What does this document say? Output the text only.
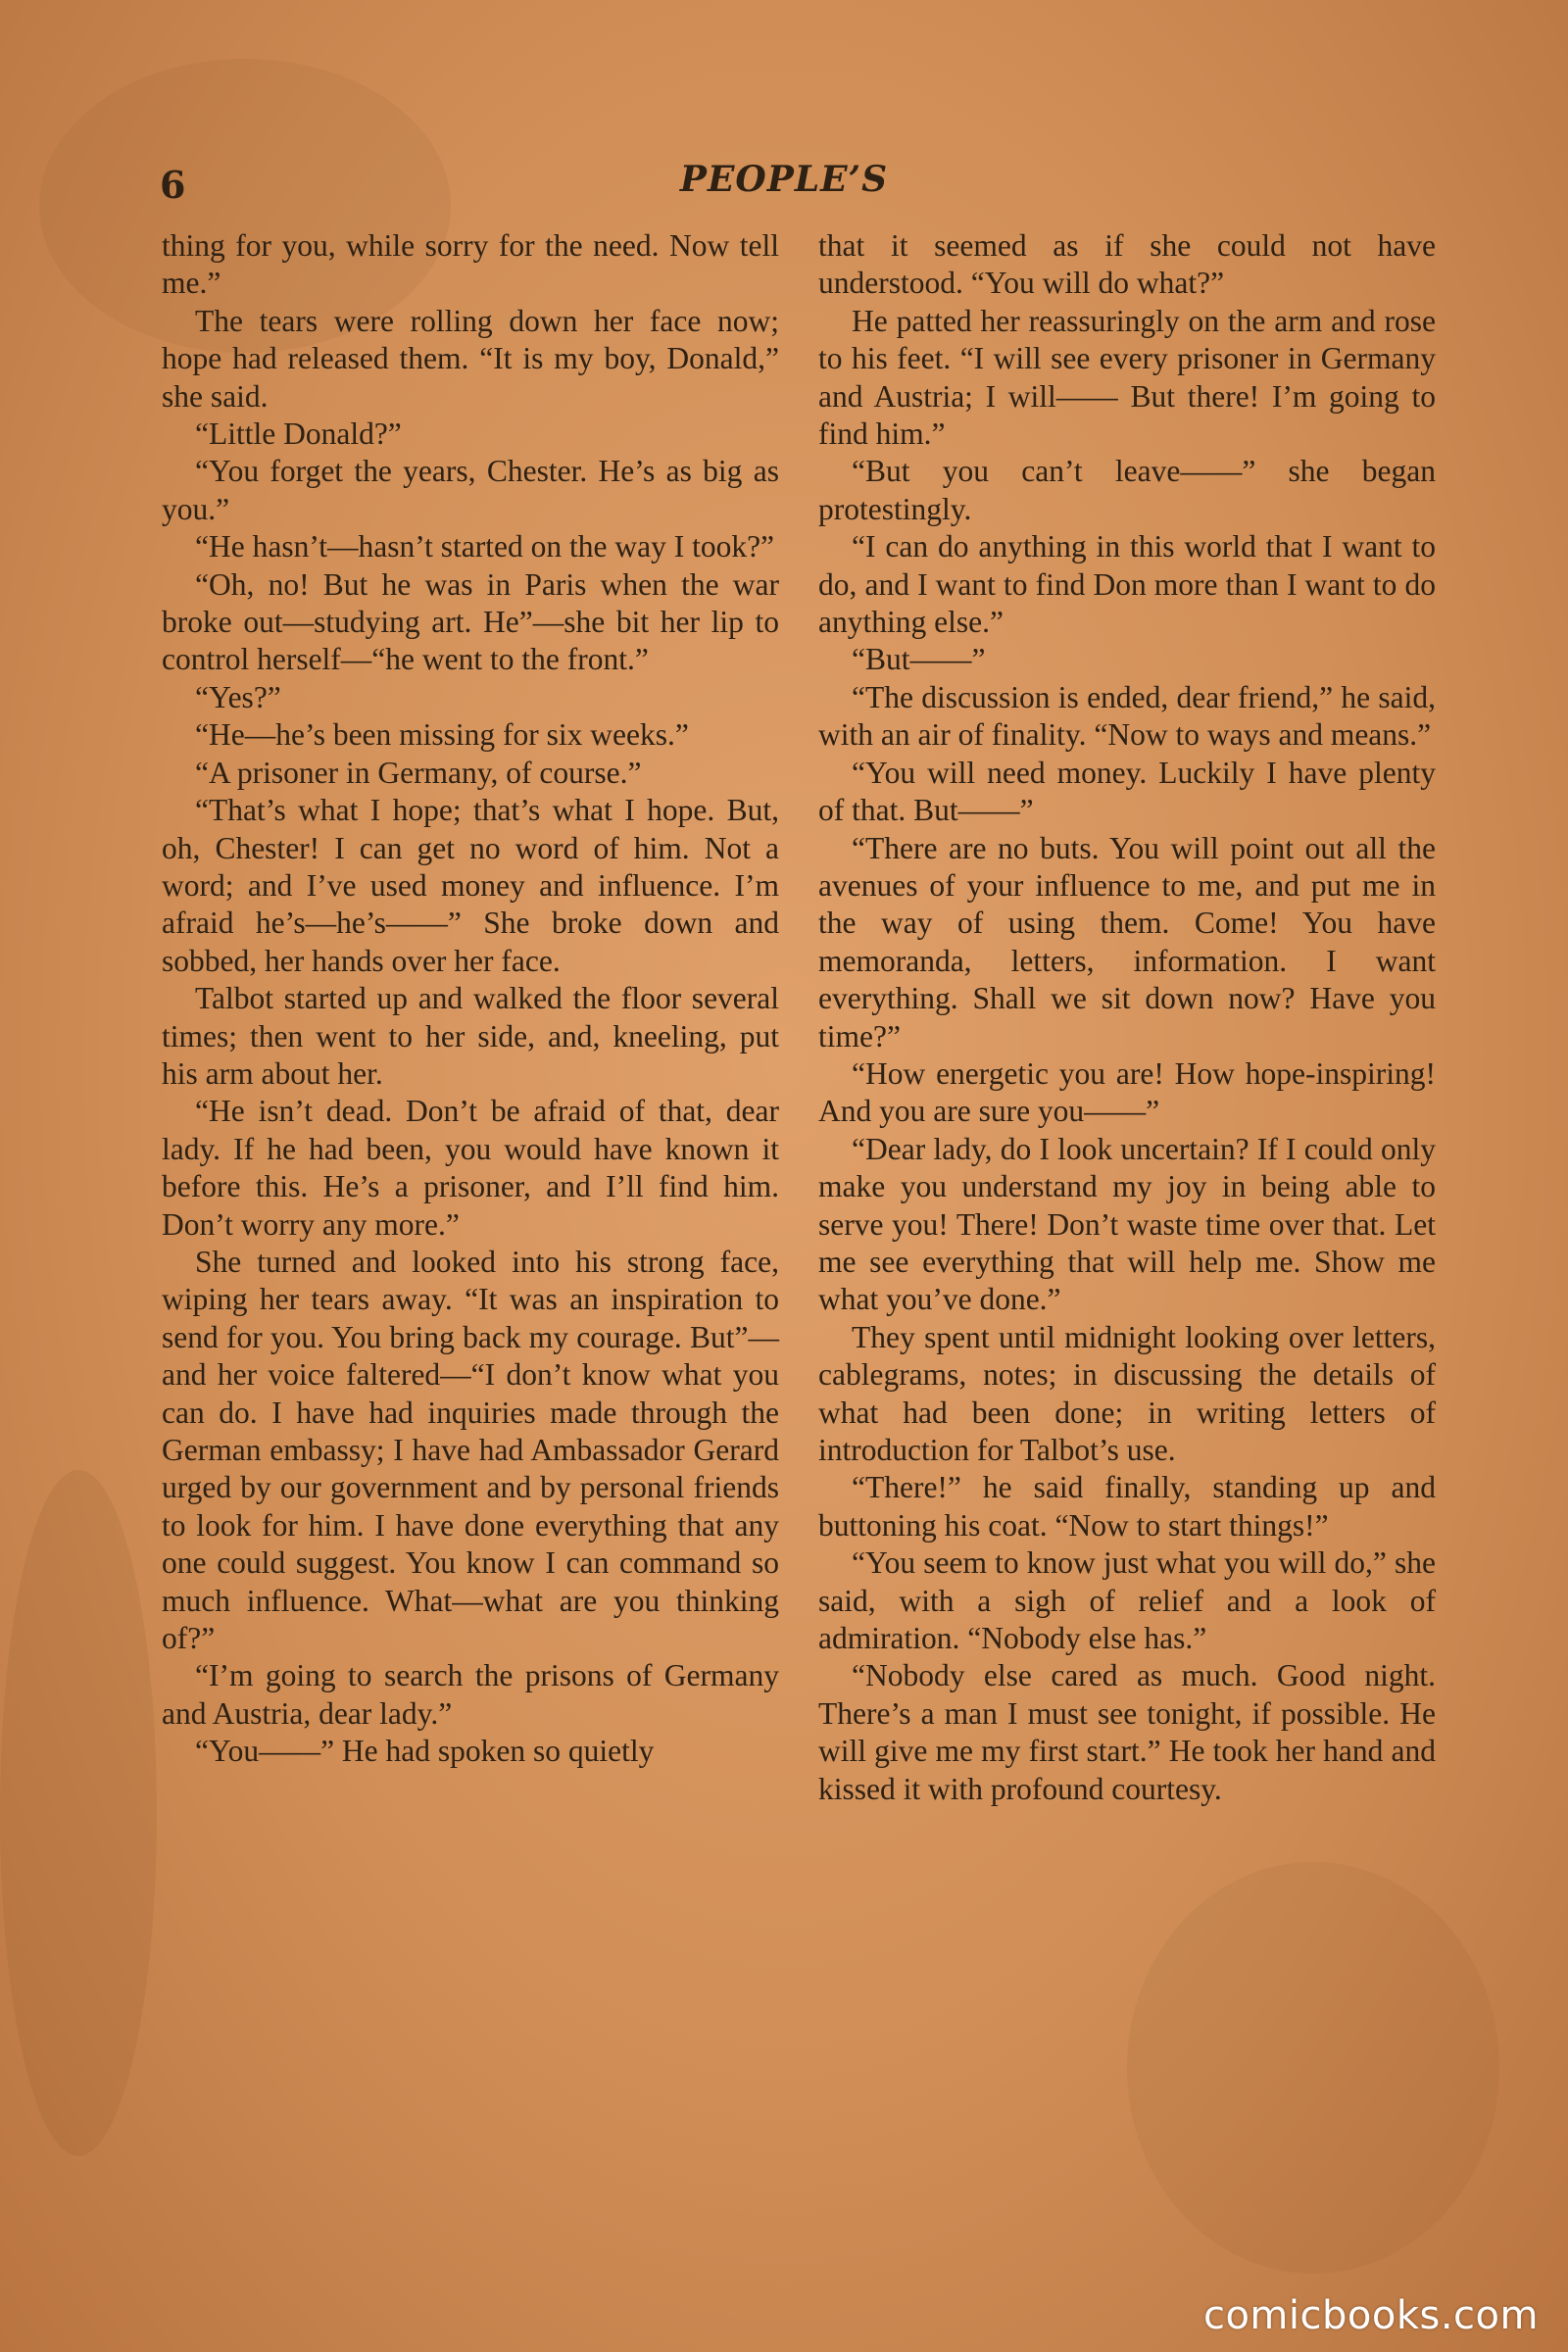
6	PEOPLE’S

thing for you, while sorry for the need. Now tell me.”

The tears were rolling down her face now; hope had released them. “It is my boy, Donald,” she said.

“Little Donald?”

“You forget the years, Chester. He’s as big as you.”

“He hasn’t—hasn’t started on the way I took?”

“Oh, no! But he was in Paris when the war broke out—studying art. He”—she bit her lip to control herself—“he went to the front.”

“Yes?”

“He—he’s been missing for six weeks.”

“A prisoner in Germany, of course.”

“That’s what I hope; that’s what I hope. But, oh, Chester! I can get no word of him. Not a word; and I’ve used money and influence. I’m afraid he’s—he’s——” She broke down and sobbed, her hands over her face.

Talbot started up and walked the floor several times; then went to her side, and, kneeling, put his arm about her.

“He isn’t dead. Don’t be afraid of that, dear lady. If he had been, you would have known it before this. He’s a prisoner, and I’ll find him. Don’t worry any more.”

She turned and looked into his strong face, wiping her tears away. “It was an inspiration to send for you. You bring back my courage. But”—and her voice faltered—“I don’t know what you can do. I have had inquiries made through the German embassy; I have had Ambassador Gerard urged by our government and by personal friends to look for him. I have done everything that any one could suggest. You know I can command so much influence. What—what are you thinking of?”

“I’m going to search the prisons of Germany and Austria, dear lady.”

“You——” He had spoken so quietly

that it seemed as if she could not have understood. “You will do what?”

He patted her reassuringly on the arm and rose to his feet. “I will see every prisoner in Germany and Austria; I will—— But there! I’m going to find him.”

“But you can’t leave——” she began protestingly.

“I can do anything in this world that I want to do, and I want to find Don more than I want to do anything else.”

“But——”

“The discussion is ended, dear friend,” he said, with an air of finality. “Now to ways and means.”

“You will need money. Luckily I have plenty of that. But——”

“There are no buts. You will point out all the avenues of your influence to me, and put me in the way of using them. Come! You have memoranda, letters, information. I want everything. Shall we sit down now? Have you time?”

“How energetic you are! How hope-inspiring! And you are sure you——”

“Dear lady, do I look uncertain? If I could only make you understand my joy in being able to serve you! There! Don’t waste time over that. Let me see everything that will help me. Show me what you’ve done.”

They spent until midnight looking over letters, cablegrams, notes; in discussing the details of what had been done; in writing letters of introduction for Talbot’s use.

“There!” he said finally, standing up and buttoning his coat. “Now to start things!”

“You seem to know just what you will do,” she said, with a sigh of relief and a look of admiration. “Nobody else has.”

“Nobody else cared as much. Good night. There’s a man I must see tonight, if possible. He will give me my first start.” He took her hand and kissed it with profound courtesy.

comicbooks.com
